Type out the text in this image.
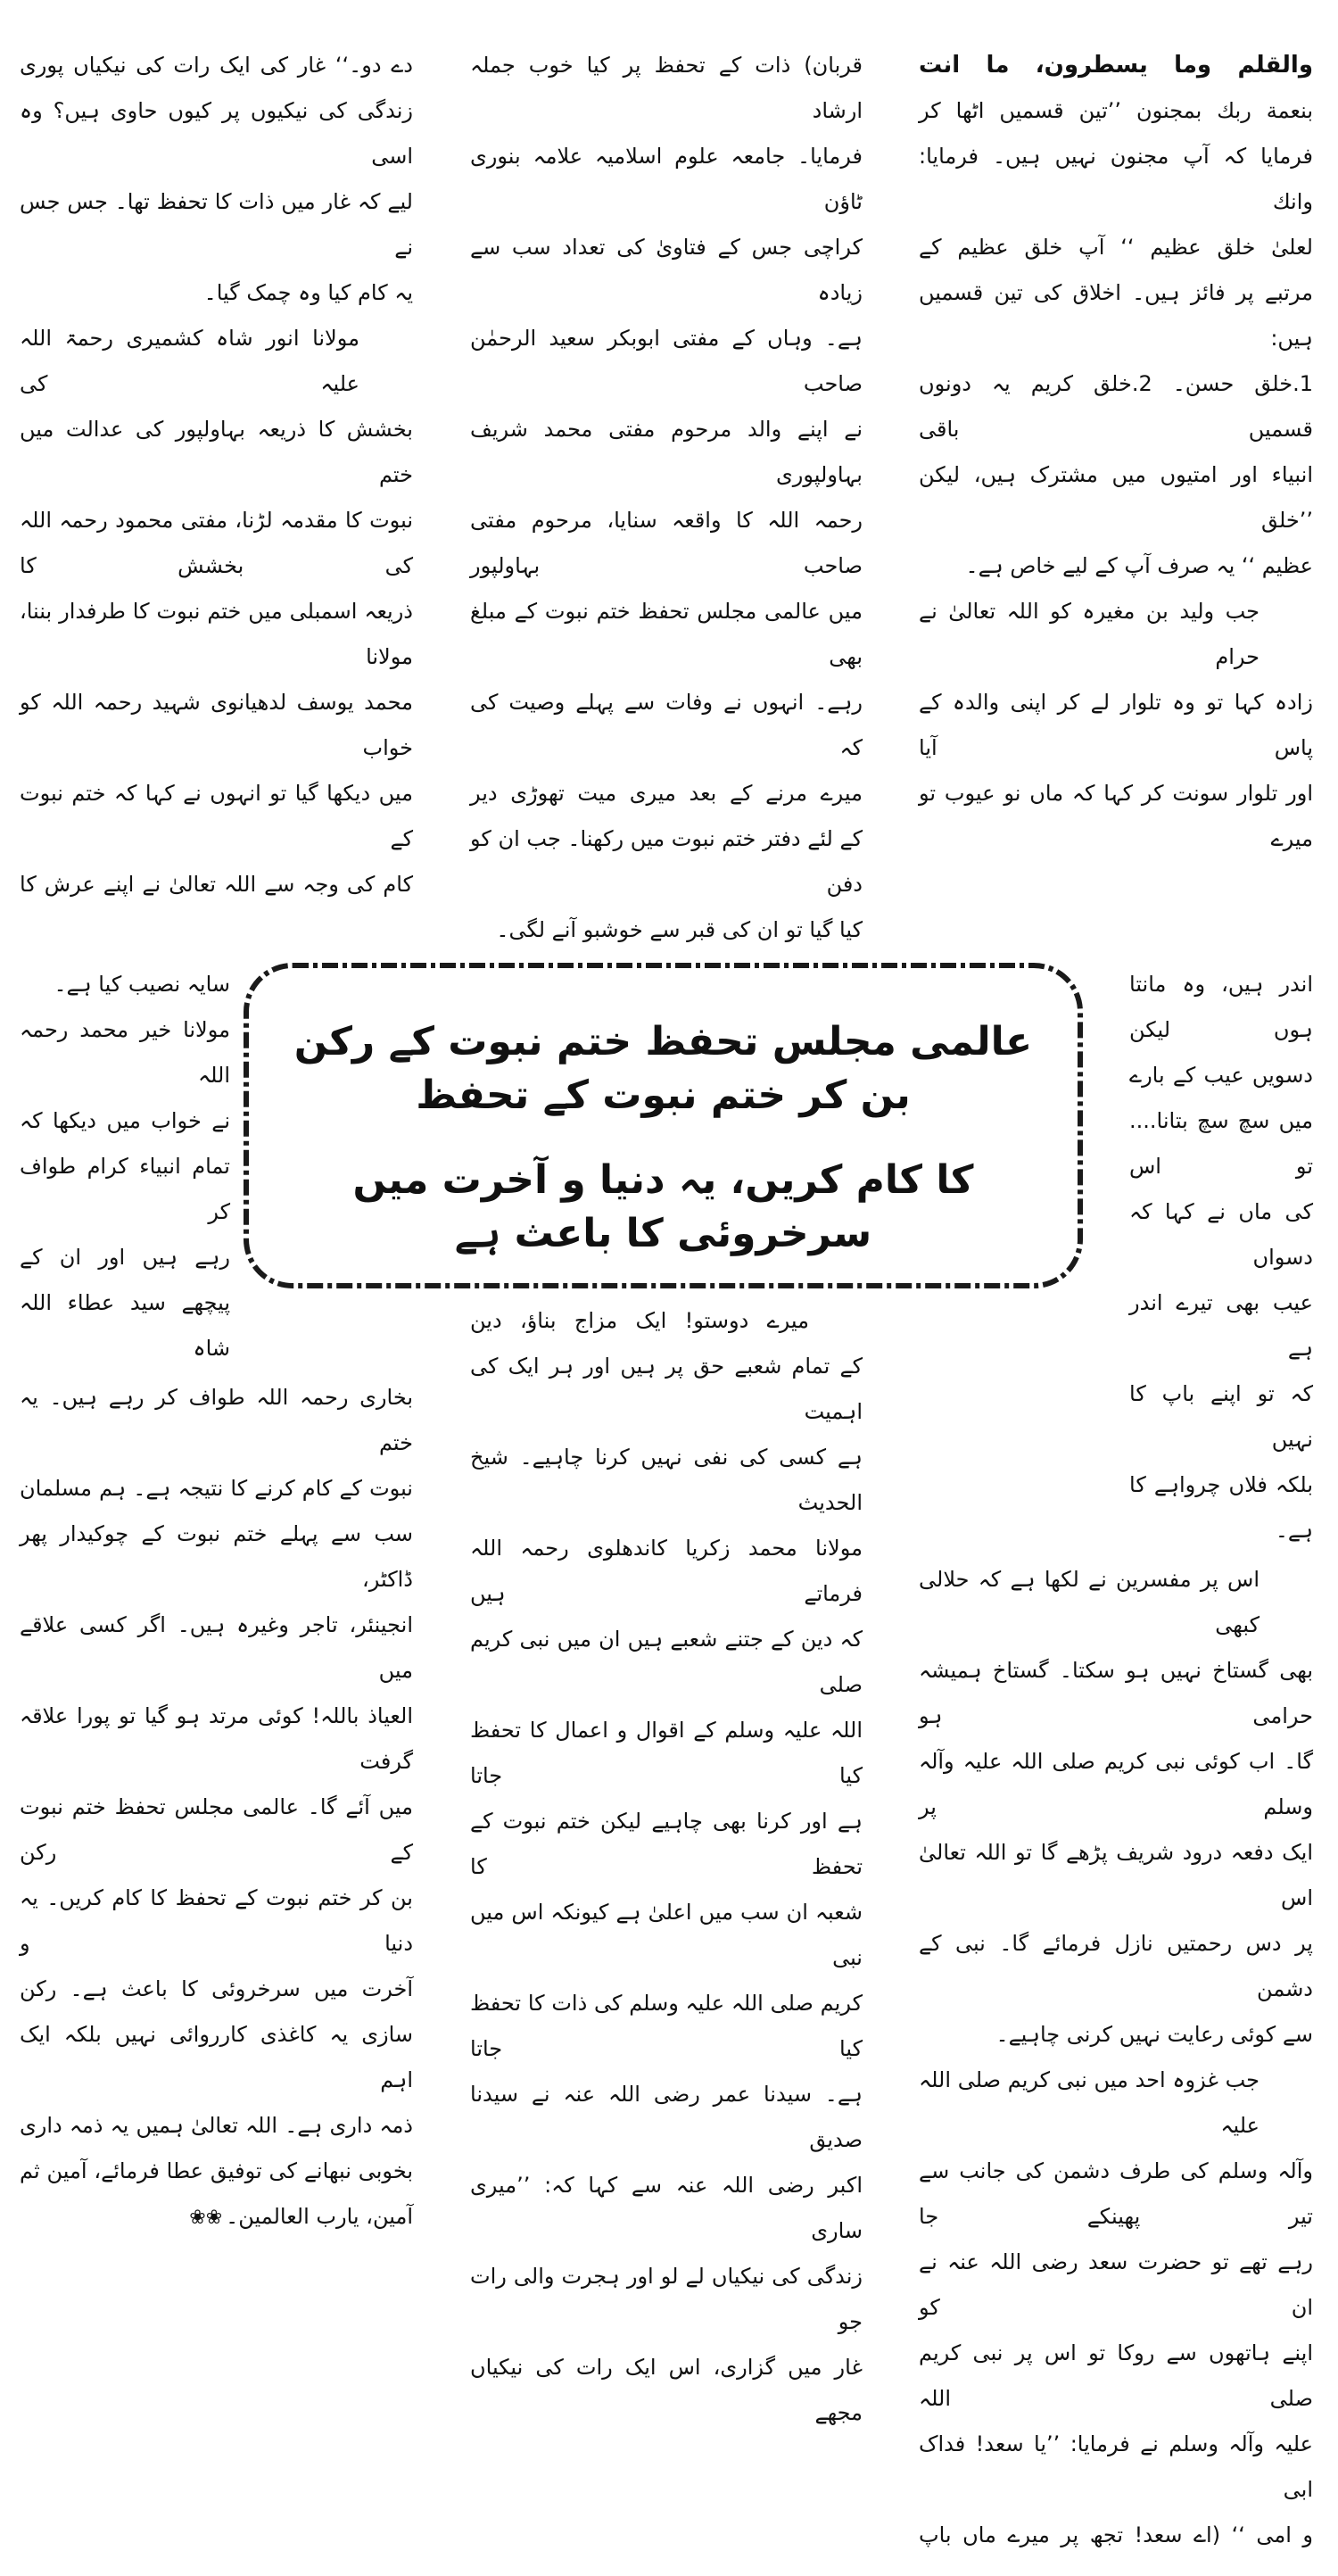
والقلم وما یسطرون، ما انت
بنعمة ربك بمجنون ’’تین قسمیں اٹھا کر
فرمایا کہ آپ مجنون نہیں ہیں۔ فرمایا: وانك
لعلیٰ خلق عظیم ‘‘ آپ خلق عظیم کے
مرتبے پر فائز ہیں۔ اخلاق کی تین قسمیں ہیں:
1.خلق حسن۔ 2.خلق کریم یہ دونوں قسمیں باقی
انبیاء اور امتیوں میں مشترک ہیں، لیکن ’’خلق
عظیم ‘‘ یہ صرف آپ کے لیے خاص ہے۔
جب ولید بن مغیرہ کو اللہ تعالیٰ نے حرام
زادہ کہا تو وہ تلوار لے کر اپنی والدہ کے پاس آیا
اور تلوار سونت کر کہا کہ ماں نو عیوب تو میرے
اندر ہیں، وہ مانتا ہوں لیکن
دسویں عیب کے بارے
میں سچ سچ بتانا.... تو اس
کی ماں نے کہا کہ دسواں
عیب بھی تیرے اندر ہے
کہ تو اپنے باپ کا نہیں
بلکہ فلاں چرواہے کا ہے۔
اس پر مفسرین نے لکھا ہے کہ حلالی کبھی
بھی گستاخ نہیں ہو سکتا۔ گستاخ ہمیشہ حرامی ہو
گا۔ اب کوئی نبی کریم صلی اللہ علیہ وآلہ وسلم پر
ایک دفعہ درود شریف پڑھے گا تو اللہ تعالیٰ اس
پر دس رحمتیں نازل فرمائے گا۔ نبی کے دشمن
سے کوئی رعایت نہیں کرنی چاہیے۔
جب غزوہ احد میں نبی کریم صلی اللہ علیہ
وآلہ وسلم کی طرف دشمن کی جانب سے تیر پھینکے جا
رہے تھے تو حضرت سعد رضی اللہ عنہ نے ان کو
اپنے ہاتھوں سے روکا تو اس پر نبی کریم صلی اللہ
علیہ وآلہ وسلم نے فرمایا: ’’یا سعد! فداک ابی
و امی ‘‘ (اے سعد! تجھ پر میرے ماں باپ
قربان) ذات کے تحفظ پر کیا خوب جملہ ارشاد
فرمایا۔ جامعہ علوم اسلامیہ علامہ بنوری ٹاؤن
کراچی جس کے فتاویٰ کی تعداد سب سے زیادہ
ہے۔ وہاں کے مفتی ابوبکر سعید الرحمٰن صاحب
نے اپنے والد مرحوم مفتی محمد شریف بہاولپوری
رحمہ اللہ کا واقعہ سنایا، مرحوم مفتی صاحب بہاولپور
میں عالمی مجلس تحفظ ختم نبوت کے مبلغ بھی
رہے۔ انہوں نے وفات سے پہلے وصیت کی کہ
میرے مرنے کے بعد میری میت تھوڑی دیر
کے لئے دفتر ختم نبوت میں رکھنا۔ جب ان کو دفن
کیا گیا تو ان کی قبر سے خوشبو آنے لگی۔
میرے دوستو! ایک مزاج بناؤ، دین
کے تمام شعبے حق پر ہیں اور ہر ایک کی اہمیت
ہے کسی کی نفی نہیں کرنا چاہیے۔ شیخ الحدیث
مولانا محمد زکریا کاندھلوی رحمہ اللہ فرماتے ہیں
کہ دین کے جتنے شعبے ہیں ان میں نبی کریم صلی
اللہ علیہ وسلم کے اقوال و اعمال کا تحفظ کیا جاتا
ہے اور کرنا بھی چاہیے لیکن ختم نبوت کے تحفظ کا
شعبہ ان سب میں اعلیٰ ہے کیونکہ اس میں نبی
کریم صلی اللہ علیہ وسلم کی ذات کا تحفظ کیا جاتا
ہے۔ سیدنا عمر رضی اللہ عنہ نے سیدنا صدیق
اکبر رضی اللہ عنہ سے کہا کہ: ’’میری ساری
زندگی کی نیکیاں لے لو اور ہجرت والی رات جو
غار میں گزاری، اس ایک رات کی نیکیاں مجھے
دے دو۔‘‘ غار کی ایک رات کی نیکیاں پوری
زندگی کی نیکیوں پر کیوں حاوی ہیں؟ وہ اسی
لیے کہ غار میں ذات کا تحفظ تھا۔ جس جس نے
یہ کام کیا وہ چمک گیا۔
مولانا انور شاہ کشمیری رحمۃ اللہ علیہ کی
بخشش کا ذریعہ بہاولپور کی عدالت میں ختم
نبوت کا مقدمہ لڑنا، مفتی محمود رحمہ اللہ کی بخشش کا
ذریعہ اسمبلی میں ختم نبوت کا طرفدار بننا، مولانا
محمد یوسف لدھیانوی شہید رحمہ اللہ کو خواب
میں دیکھا گیا تو انہوں نے کہا کہ ختم نبوت کے
کام کی وجہ سے اللہ تعالیٰ نے اپنے عرش کا
سایہ نصیب کیا ہے۔
مولانا خیر محمد رحمہ اللہ
نے خواب میں دیکھا کہ
تمام انبیاء کرام طواف کر
رہے ہیں اور ان کے
پیچھے سید عطاء اللہ شاہ
بخاری رحمہ اللہ طواف کر رہے ہیں۔ یہ ختم
نبوت کے کام کرنے کا نتیجہ ہے۔ ہم مسلمان
سب سے پہلے ختم نبوت کے چوکیدار پھر ڈاکٹر،
انجینئر، تاجر وغیرہ ہیں۔ اگر کسی علاقے میں
العیاذ باللہ! کوئی مرتد ہو گیا تو پورا علاقہ گرفت
میں آئے گا۔ عالمی مجلس تحفظ ختم نبوت کے رکن
بن کر ختم نبوت کے تحفظ کا کام کریں۔ یہ دنیا و
آخرت میں سرخروئی کا باعث ہے۔ رکن
سازی یہ کاغذی کارروائی نہیں بلکہ ایک اہم
ذمہ داری ہے۔ اللہ تعالیٰ ہمیں یہ ذمہ داری
بخوبی نبھانے کی توفیق عطا فرمائے، آمین ثم
آمین، یارب العالمین۔❀❀
عالمی مجلس تحفظ ختم نبوت کے رکن بن کر ختم نبوت کے تحفظ
کا کام کریں، یہ دنیا و آخرت میں سرخروئی کا باعث ہے
